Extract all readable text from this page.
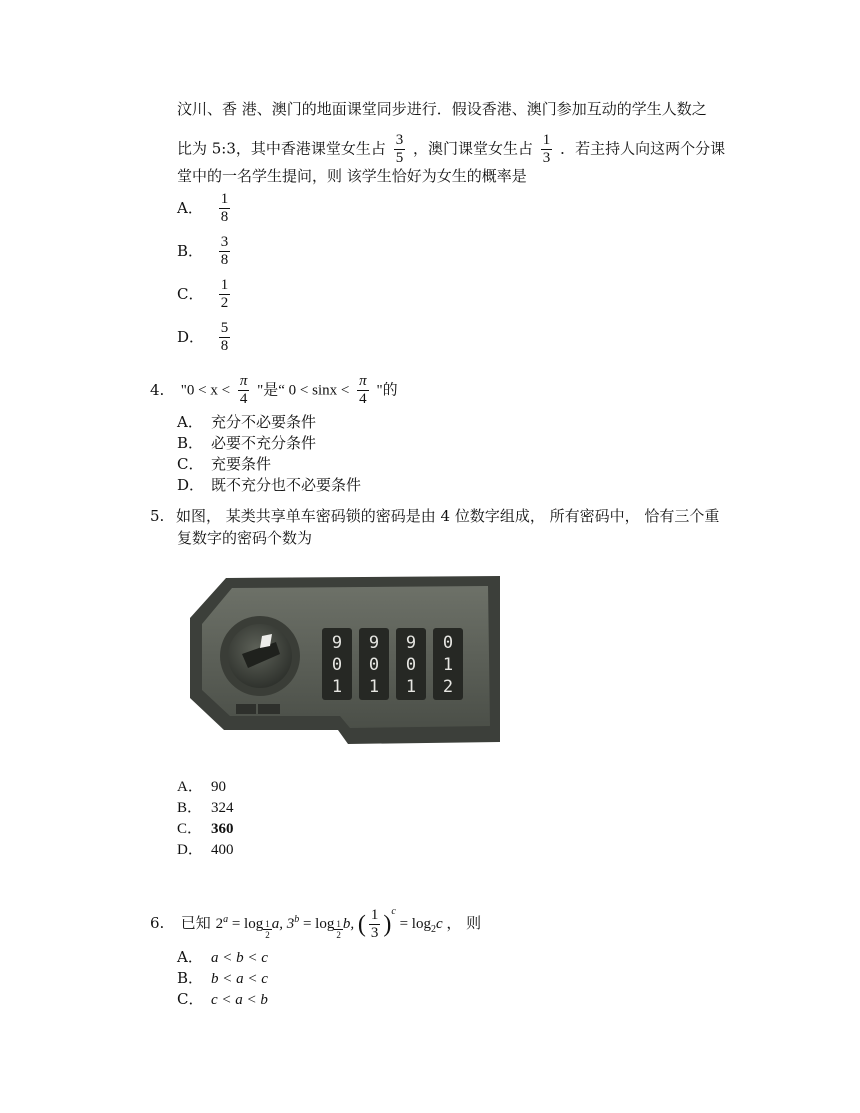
汶川、香 港、澳门的地面课堂同步进行．假设香港、澳门参加互动的学生人数之
比为 5:3，其中香港课堂女生占 $\frac{3}{5}$ ，澳门课堂女生占 $\frac{1}{3}$ ．若主持人向这两个分课
堂中的一名学生提问，则 该学生恰好为女生的概率是
A． $\frac{1}{8}$
B． $\frac{3}{8}$
C． $\frac{1}{2}$
D． $\frac{5}{8}$
4. "$0 < x < \frac{\pi}{4}$ "是“ $0 < \sin x < \frac{\pi}{4}$ "的
A． 充分不必要条件
B． 必要不充分条件
C． 充要条件
D． 既不充分也不必要条件
5. 如图， 某类共享单车密码锁的密码是由 4 位数字组成， 所有密码中， 恰有三个重
复数字的密码个数为
9
0
1
9
0
1
9
0
1
0
1
2
A． 90
B． 324
C． 360
D． 400
6. 已知 $2^a = \log _{\frac{1}{2}}$ a, $3^b = \log _{\frac{1}{2}}$ b, ( $\frac{1}{3} )^c = \log_2c$ ， 则
A． a < b < c
B． b < a < c
C． c < a < b
